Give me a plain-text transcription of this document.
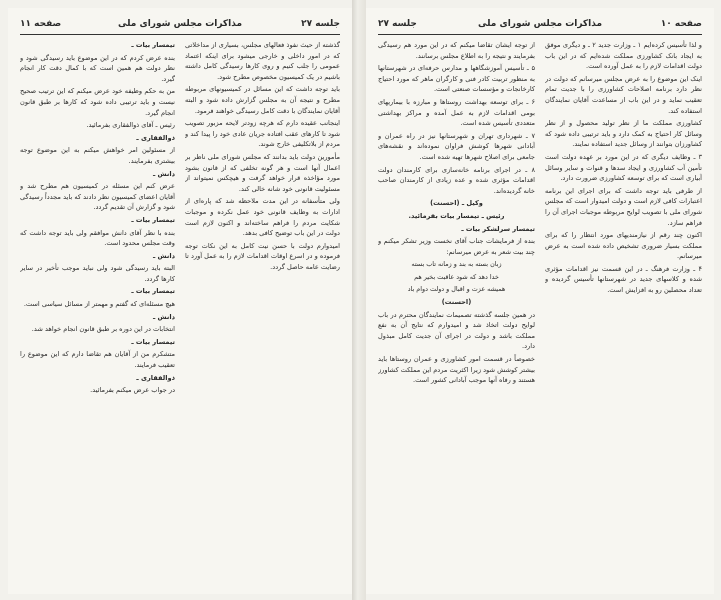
جلسه ۲۷
مذاکرات مجلس شورای ملی
صفحه ۱۱

گذشته از حیث نفوذ فعالهای مجلس، بسیاری از مداخلاتی که در امور داخلی و خارجی میشود برای اینکه اعتماد عمومی را جلب کنیم و روی کارها رسیدگی کامل داشته باشیم در یک کمیسیون مخصوص مطرح شود.

باید توجه داشت که این مسائل در کمیسیونهای مربوطه مطرح و نتیجه آن به مجلس گزارش داده شود و البته آقایان نمایندگان با دقت کامل رسیدگی خواهند فرمود.

اینجانب عقیده دارم که هرچه زودتر لایحه مزبور تصویب شود تا کارهای عقب افتاده جریان عادی خود را پیدا کند و مردم از بلاتکلیفی خارج شوند.

مأمورین دولت باید بدانند که مجلس شورای ملی ناظر بر اعمال آنها است و هر گونه تخلفی که از قانون بشود مورد مؤاخذه قرار خواهد گرفت و هیچکس نمیتواند از مسئولیت قانونی خود شانه خالی کند.

ولی متأسفانه در این مدت ملاحظه شد که پاره‌ای از ادارات به وظایف قانونی خود عمل نکرده و موجبات شکایت مردم را فراهم ساخته‌اند و اکنون لازم است دولت در این باب توضیح کافی بدهد.

امیدوارم دولت با حسن نیت کامل به این نکات توجه فرموده و در اسرع اوقات اقدامات لازم را به عمل آورد تا رضایت عامه حاصل گردد.

تیمسار بیات ـ

بنده عرض کردم که در این موضوع باید رسیدگی شود و نظر دولت هم همین است که با کمال دقت کار انجام گیرد.

من به حکم وظیفه خود عرض میکنم که این ترتیب صحیح نیست و باید ترتیبی داده شود که کارها بر طبق قانون انجام گیرد.

رئیس ـ آقای ذوالفقاری بفرمائید.

ذوالفقاری ـ

از مسئولین امر خواهش میکنم به این موضوع توجه بیشتری بفرمایند.

دانش ـ

عرض کنم این مسئله در کمیسیون هم مطرح شد و آقایان اعضای کمیسیون نظر دادند که باید مجدداً رسیدگی شود و گزارش آن تقدیم گردد.

تیمسار بیات ـ

بنده با نظر آقای دانش موافقم ولی باید توجه داشت که وقت مجلس محدود است.

دانش ـ

البته باید رسیدگی شود ولی نباید موجب تأخیر در سایر کارها گردد.

تیمسار بیات ـ

هیچ مسئله‌ای که گفتم و مهمتر از مسائل سیاسی است.

دانش ـ

انتخابات در این دوره بر طبق قانون انجام خواهد شد.

تیمسار بیات ـ

متشکرم من از آقایان هم تقاضا دارم که این موضوع را تعقیب فرمایند.

ذوالفقاری ـ

در جواب عرض میکنم بفرمائید.

صفحه ۱۰
مذاکرات مجلس شورای ملی
جلسه ۲۷

و لذا تأسیس کرده‌ایم ۱ ـ وزارت جدید ۲ ـ و دیگری موفق به ایجاد بانک کشاورزی مملکت شده‌ایم که در این باب دولت اقدامات لازم را به عمل آورده است.

اینک این موضوع را به عرض مجلس میرسانم که دولت در نظر دارد برنامه اصلاحات کشاورزی را با جدیت تمام تعقیب نماید و در این باب از مساعدت آقایان نمایندگان استفاده کند.

کشاورزی مملکت ما از نظر تولید محصول و از نظر وسائل کار احتیاج به کمک دارد و باید ترتیبی داده شود که کشاورزان بتوانند از وسائل جدید استفاده نمایند.

۳ ـ وظایف دیگری که در این مورد بر عهده دولت است تأمین آب کشاورزی و ایجاد سدها و قنوات و سایر وسائل آبیاری است که برای توسعه کشاورزی ضرورت دارد.

از طرفی باید توجه داشت که برای اجرای این برنامه اعتبارات کافی لازم است و دولت امیدوار است که مجلس شورای ملی با تصویب لوایح مربوطه موجبات اجرای آن را فراهم سازد.

اکنون چند رقم از نیازمندیهای مورد انتظار را که برای مملکت بسیار ضروری تشخیص داده شده است به عرض میرسانم.

۴ ـ وزارت فرهنگ ـ در این قسمت نیز اقدامات مؤثری شده و کلاسهای جدید در شهرستانها تأسیس گردیده و تعداد محصلین رو به افزایش است.

از توجه ایشان تقاضا میکنم که در این مورد هم رسیدگی بفرمایند و نتیجه را به اطلاع مجلس برسانند.

۵ ـ تأسیس آموزشگاهها و مدارس حرفه‌ای در شهرستانها به منظور تربیت کادر فنی و کارگران ماهر که مورد احتیاج کارخانجات و مؤسسات صنعتی است.

۶ ـ برای توسعه بهداشت روستاها و مبارزه با بیماریهای بومی اقدامات لازم به عمل آمده و مراکز بهداشتی متعددی تأسیس شده است.

۷ ـ شهرداری تهران و شهرستانها نیز در راه عمران و آبادانی شهرها کوشش فراوان نموده‌اند و نقشه‌های جامعی برای اصلاح شهرها تهیه شده است.

۸ ـ در اجرای برنامه خانه‌سازی برای کارمندان دولت اقدامات مؤثری شده و عده زیادی از کارمندان صاحب خانه گردیده‌اند.

وکیل ـ (احسنت)

رئیس ـ تیمسار بیات بفرمائید.

تیمسار سرلشکر بیات ـ

بنده از فرمایشات جناب آقای نخست وزیر تشکر میکنم و چند بیت شعر به عرض میرسانم:

زبان بسته به بند و زمانه تاب بسته

خدا دهد که شود عاقبت بخیر هم

همیشه عزت و اقبال و دولت دوام باد

(احسنت)

در همین جلسه گذشته تصمیمات نمایندگان محترم در باب لوایح دولت اتخاذ شد و امیدوارم که نتایج آن به نفع مملکت باشد و دولت در اجرای آن جدیت کامل مبذول دارد.

خصوصاً در قسمت امور کشاورزی و عمران روستاها باید بیشتر کوشش شود زیرا اکثریت مردم این مملکت کشاورز هستند و رفاه آنها موجب آبادانی کشور است.
